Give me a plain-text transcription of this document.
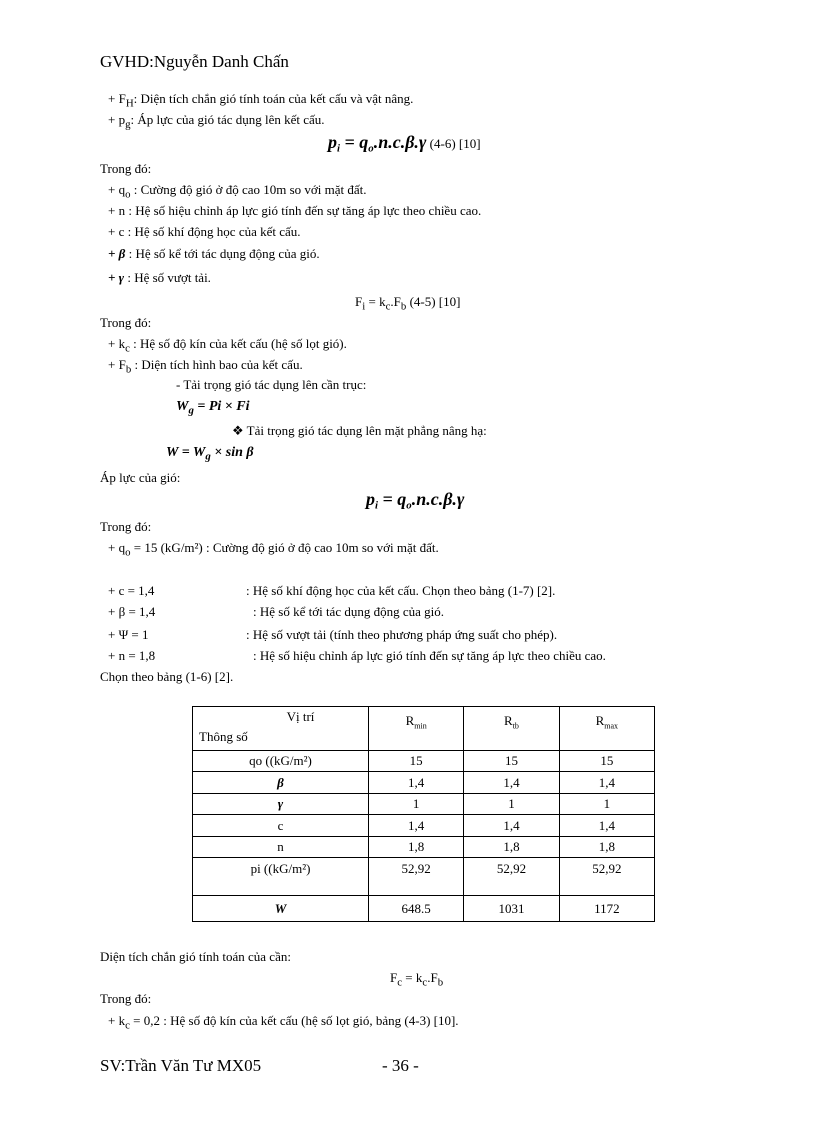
GVHD:Nguyễn Danh Chấn
+ $F_H$: Diện tích chắn gió tính toán của kết cấu và vật nâng.
+ $p_g$: Áp lực của gió tác dụng lên kết cấu.
$p_i = q_o.n.c.\beta.\gamma$ (4-6) [10]
Trong đó:
+ $q_o$ : Cường độ gió ở độ cao 10m so với mặt đất.
+ n : Hệ số hiệu chỉnh áp lực gió tính đến sự tăng áp lực theo chiều cao.
+ c : Hệ số khí động học của kết cấu.
+ β : Hệ số kể tới tác dụng động của gió.
+ γ : Hệ số vượt tải.
$F_i = k_c.F_b$ (4-5) [10]
Trong đó:
+ $k_c$ : Hệ số độ kín của kết cấu (hệ số lọt gió).
+ $F_b$ : Diện tích hình bao của kết cấu.
- Tải trọng gió tác dụng lên cần trục:
$W_g = Pi \times Fi$
❖ Tải trọng gió tác dụng lên mặt phẳng nâng hạ:
$W = W_g \times \sin \beta$
Áp lực của gió:
$p_i = q_o.n.c.\beta.\gamma$
Trong đó:
+ $q_o = 15$ (kG/m²) : Cường độ gió ở độ cao 10m so với mặt đất.
+ c = 1,4	: Hệ số khí động học của kết cấu. Chọn theo bảng (1-7) [2].
+ β = 1,4	: Hệ số kể tới tác dụng động của gió.
+ Ψ = 1	: Hệ số vượt tải (tính theo phương pháp ứng suất cho phép).
+ n = 1,8	: Hệ số hiệu chỉnh áp lực gió tính đến sự tăng áp lực theo chiều cao.
Chọn theo bảng (1-6) [2].
Vị trí
Thông số	$R_{min}$	$R_{tb}$	$R_{max}$
qo ((kG/m²)	15	15	15
β	1,4	1,4	1,4
γ	1	1	1
c	1,4	1,4	1,4
n	1,8	1,8	1,8
pi ((kG/m²)	52,92	52,92	52,92
W	648.5	1031	1172
Diện tích chắn gió tính toán của cần:
$F_c = k_c.F_b$
Trong đó:
+ $k_c = 0,2$ : Hệ số độ kín của kết cấu (hệ số lọt gió, bảng (4-3) [10].
SV:Trần Văn Tư MX05	- 36 -
